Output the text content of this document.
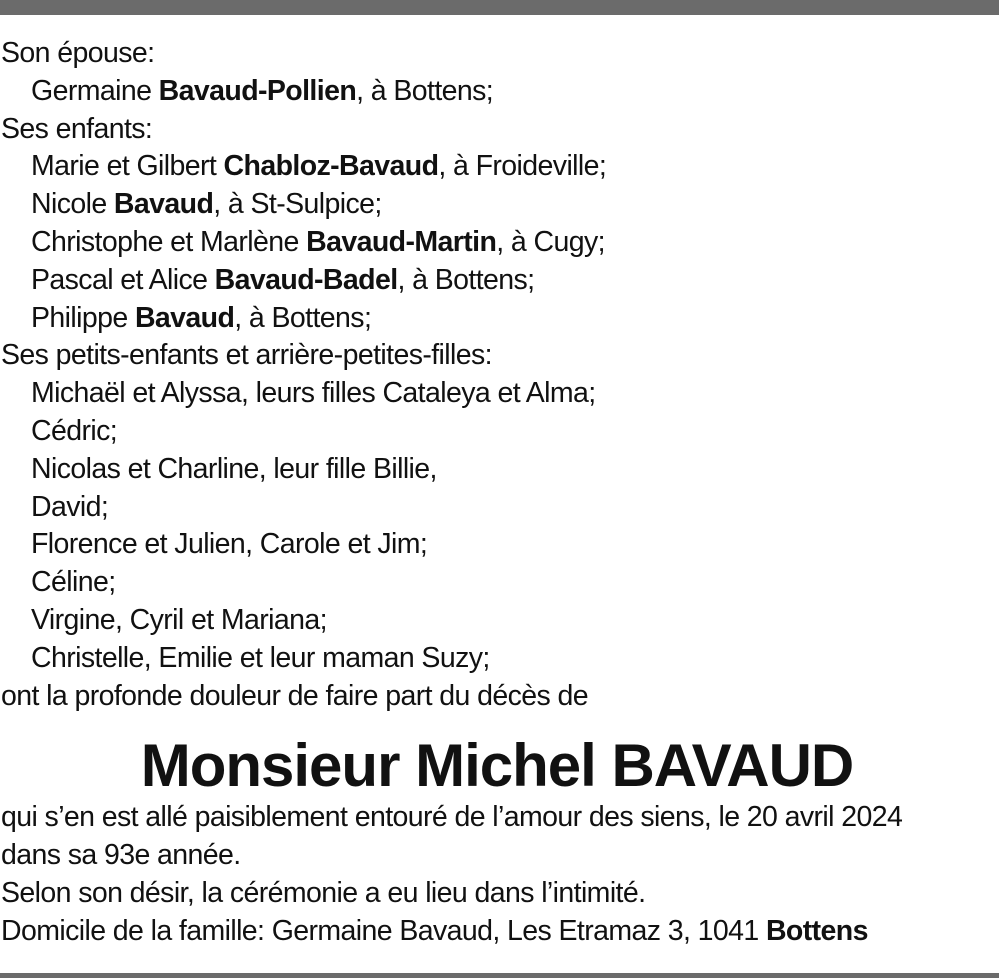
Son épouse:
Germaine Bavaud-Pollien, à Bottens;
Ses enfants:
Marie et Gilbert Chabloz-Bavaud, à Froideville;
Nicole Bavaud, à St-Sulpice;
Christophe et Marlène Bavaud-Martin, à Cugy;
Pascal et Alice Bavaud-Badel, à Bottens;
Philippe Bavaud, à Bottens;
Ses petits-enfants et arrière-petites-filles:
Michaël et Alyssa, leurs filles Cataleya et Alma;
Cédric;
Nicolas et Charline, leur fille Billie,
David;
Florence et Julien, Carole et Jim;
Céline;
Virgine, Cyril et Mariana;
Christelle, Emilie et leur maman Suzy;
ont la profonde douleur de faire part du décès de
Monsieur Michel BAVAUD
qui s’en est allé paisiblement entouré de l’amour des siens, le 20 avril 2024
dans sa 93e année.
Selon son désir, la cérémonie a eu lieu dans l’intimité.
Domicile de la famille: Germaine Bavaud, Les Etramaz 3, 1041 Bottens
